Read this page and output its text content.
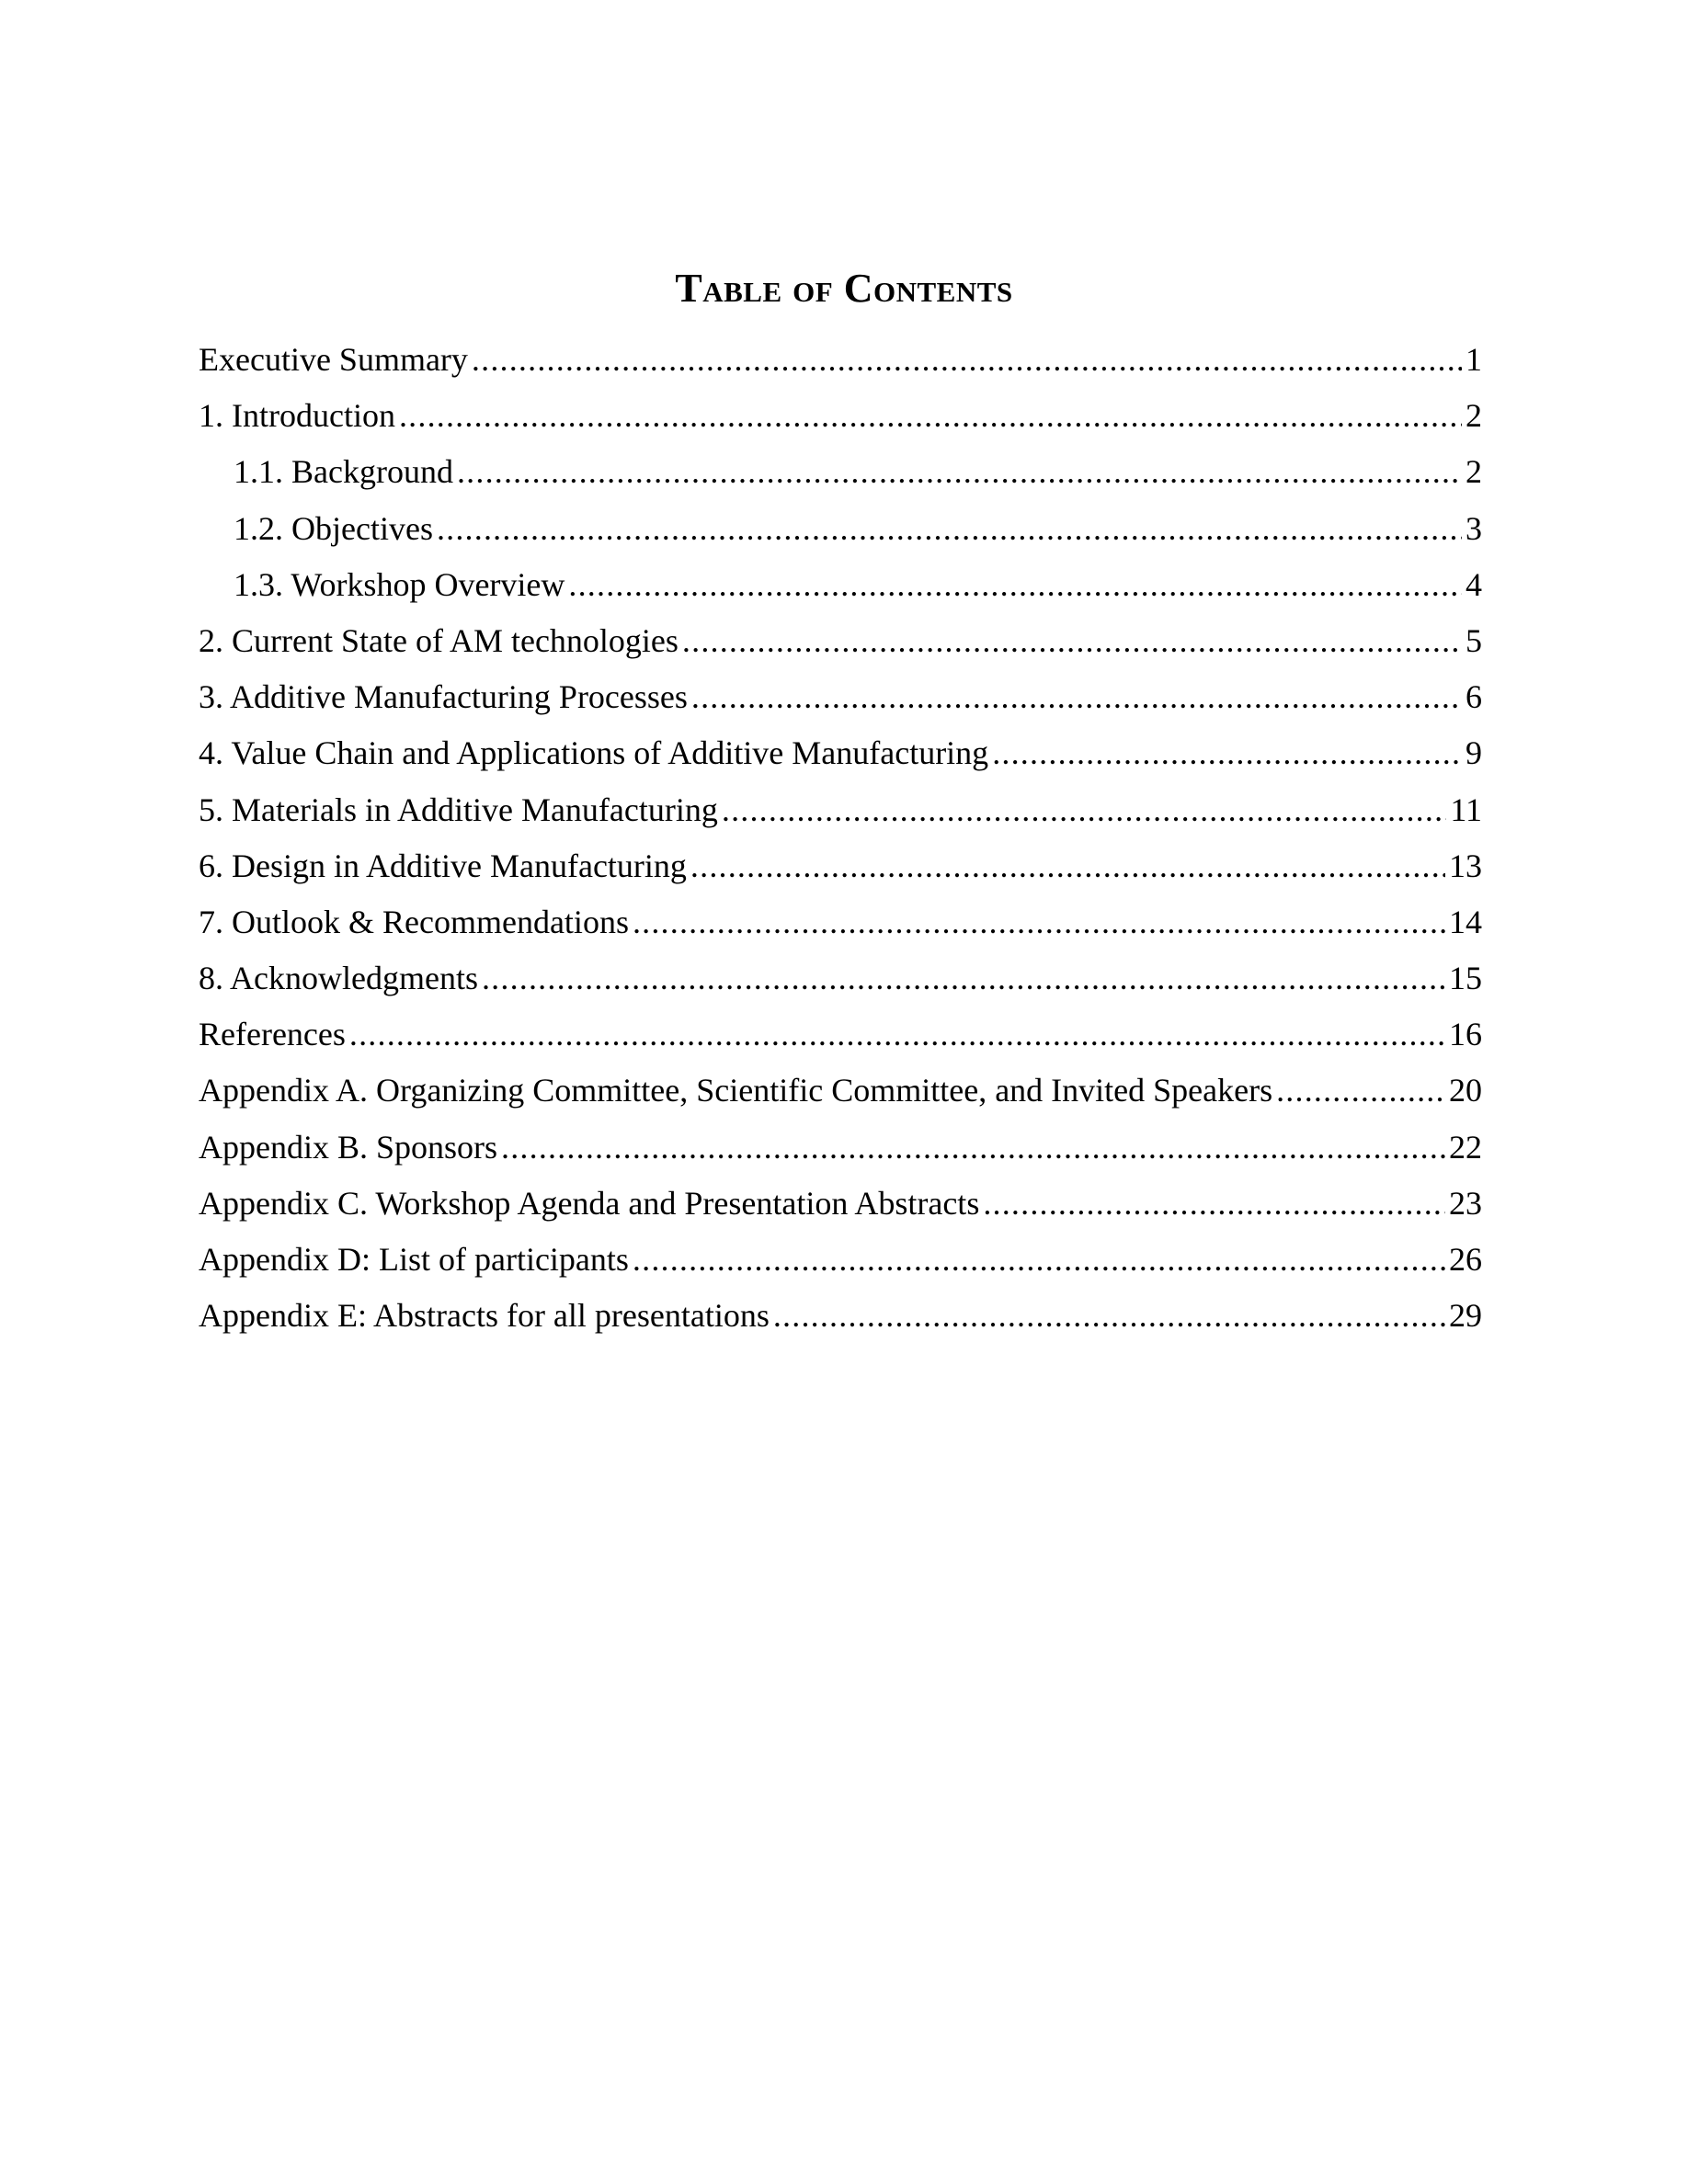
Table of Contents
Executive Summary .....	1
1. Introduction .....	2
1.1. Background .....	2
1.2. Objectives .....	3
1.3. Workshop Overview .....	4
2. Current State of AM technologies .....	5
3. Additive Manufacturing Processes .....	6
4. Value Chain and Applications of Additive Manufacturing .....	9
5. Materials in Additive Manufacturing .....	11
6. Design in Additive Manufacturing .....	13
7. Outlook & Recommendations .....	14
8. Acknowledgments .....	15
References .....	16
Appendix A. Organizing Committee, Scientific Committee, and Invited Speakers .....	20
Appendix B. Sponsors .....	22
Appendix C. Workshop Agenda and Presentation Abstracts .....	23
Appendix D: List of participants .....	26
Appendix E: Abstracts for all presentations .....	29
